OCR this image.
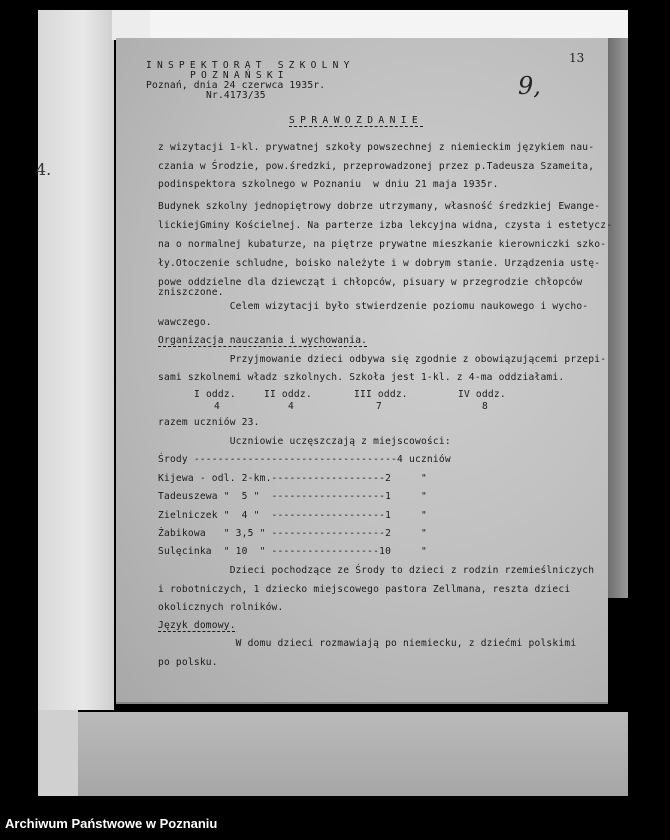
4.
INSPEKTORAT SZKOLNY
POZNAŃSKI
Poznań, dnia 24 czerwca 1935r.
Nr.4173/35
13
9,
SPRAWOZDANIE
z wizytacji 1-kl. prywatnej szkoły powszechnej z niemieckim językiem nau-
czania w Środzie, pow.średzki, przeprowadzonej przez p.Tadeusza Szameita,
podinspektora szkolnego w Poznaniu  w dniu 21 maja 1935r.
Budynek szkolny jednopiętrowy dobrze utrzymany, własność średzkiej Ewange-
lickiejGminy Kościelnej. Na parterze izba lekcyjna widna, czysta i estetycz-
na o normalnej kubaturze, na piętrze prywatne mieszkanie kierowniczki szko-
ły.Otoczenie schludne, boisko należyte i w dobrym stanie. Urządzenia ustę-
powe oddzielne dla dziewcząt i chłopców, pisuary w przegrodzie chłopców
zniszczone.
Celem wizytacji było stwierdzenie poziomu naukowego i wycho-
wawczego.
Organizacja nauczania i wychowania.
Przyjmowanie dzieci odbywa się zgodnie z obowiązującemi przepi-
sami szkolnemi władz szkolnych. Szkoła jest 1-kl. z 4-ma oddziałami.
I oddz.
4
II oddz.
4
III oddz.
7
IV oddz.
8
razem uczniów 23.
Uczniowie uczęszczają z miejscowości:
Środy ----------------------------------4 uczniów
Kijewa - odl. 2-km.-------------------2     "
Tadeuszewa "  5 "  -------------------1     "
Zielniczek "  4 "  -------------------1     "
Żabikowa   " 3,5 " -------------------2     "
Sulęcinka  " 10  " ------------------10     "
Dzieci pochodzące ze Środy to dzieci z rodzin rzemieślniczych
i robotniczych, 1 dziecko miejscowego pastora Zellmana, reszta dzieci
okolicznych rolników.
Język domowy.
W domu dzieci rozmawiają po niemiecku, z dziećmi polskimi
po polsku.
Archiwum Państwowe w Poznaniu
